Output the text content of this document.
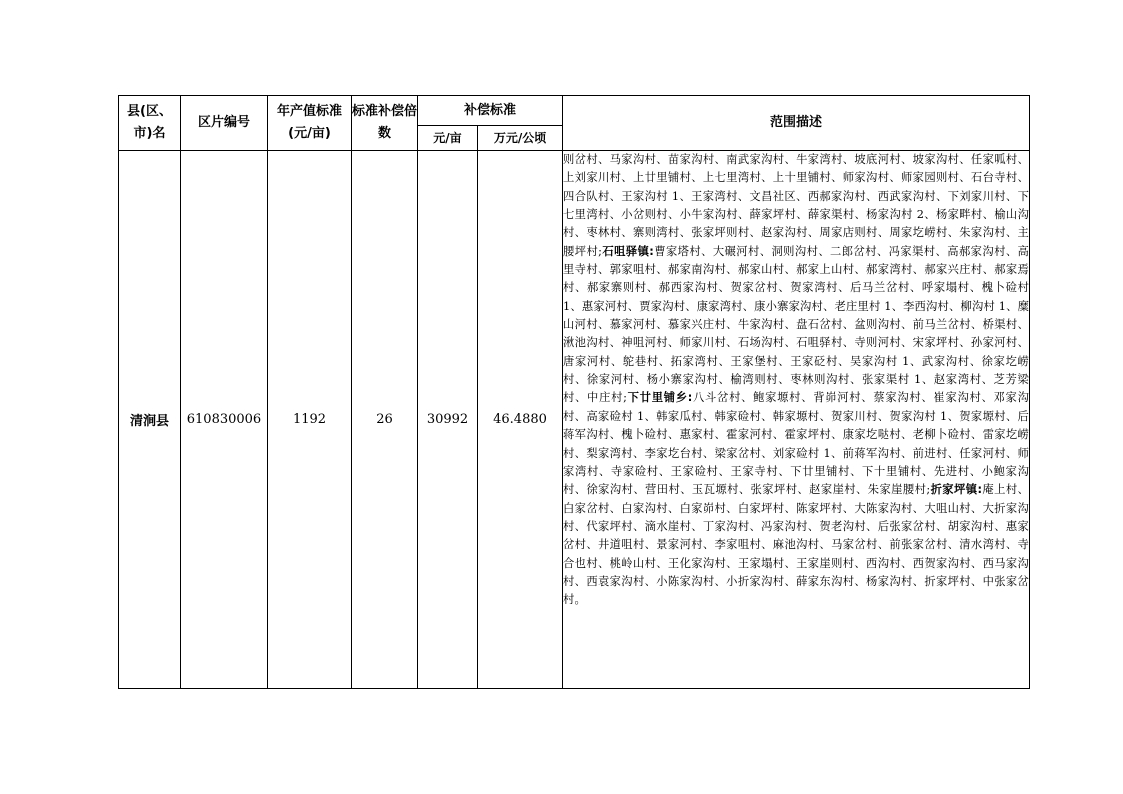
县(区、市)名	区片编号	年产值标准(元/亩)	标准补偿倍数	补偿标准		范围描述
				元/亩	万元/公顷	
清涧县	610830006	1192	26	30992	46.4880	则岔村、马家沟村、苗家沟村、南武家沟村、牛家湾村、坡底河村、坡家沟村、任家呱村、上刘家川村、上廿里铺村、上七里湾村、上十里铺村、师家沟村、师家园则村、石台寺村、四合队村、王家沟村 1、王家湾村、文昌社区、西郝家沟村、西武家沟村、下刘家川村、下七里湾村、小岔则村、小牛家沟村、薛家坪村、薛家渠村、杨家沟村 2、杨家畔村、榆山沟村、枣林村、寨则湾村、张家坪则村、赵家沟村、周家店则村、周家圪崂村、朱家沟村、主腰坪村;石咀驿镇:曹家塔村、大碾河村、洞则沟村、二郎岔村、冯家渠村、高郝家沟村、高里寺村、郭家咀村、郝家南沟村、郝家山村、郝家上山村、郝家湾村、郝家兴庄村、郝家焉村、郝家寨则村、郝西家沟村、贺家岔村、贺家湾村、后马兰岔村、呼家塌村、槐卜硷村 1、惠家河村、贾家沟村、康家湾村、康小寨家沟村、老庄里村 1、李西沟村、柳沟村 1、糜山河村、慕家河村、慕家兴庄村、牛家沟村、盘石岔村、盆则沟村、前马兰岔村、桥渠村、湫池沟村、神咀河村、师家川村、石场沟村、石咀驿村、寺则河村、宋家坪村、孙家河村、唐家河村、鸵巷村、拓家湾村、王家堡村、王家砭村、吴家沟村 1、武家沟村、徐家圪崂村、徐家河村、杨小寨家沟村、榆湾则村、枣林则沟村、张家渠村 1、赵家湾村、芝芳梁村、中庄村;下廿里铺乡:八斗岔村、鲍家塬村、背峁河村、蔡家沟村、崔家沟村、邓家沟村、高家硷村 1、韩家瓜村、韩家硷村、韩家塬村、贺家川村、贺家沟村 1、贺家塬村、后蒋军沟村、槐卜硷村、惠家村、霍家河村、霍家坪村、康家圪哒村、老柳卜硷村、雷家圪崂村、梨家湾村、李家圪台村、梁家岔村、刘家硷村 1、前蒋军沟村、前进村、任家河村、师家湾村、寺家硷村、王家硷村、王家寺村、下廿里铺村、下十里铺村、先进村、小鲍家沟村、徐家沟村、营田村、玉瓦塬村、张家坪村、赵家崖村、朱家崖腰村;折家坪镇:庵上村、白家岔村、白家沟村、白家峁村、白家坪村、陈家坪村、大陈家沟村、大咀山村、大折家沟村、代家坪村、滴水崖村、丁家沟村、冯家沟村、贺老沟村、后张家岔村、胡家沟村、惠家岔村、井道咀村、景家河村、李家咀村、麻池沟村、马家岔村、前张家岔村、清水湾村、寺合也村、桃岭山村、王化家沟村、王家塌村、王家崖则村、西沟村、西贺家沟村、西马家沟村、西袁家沟村、小陈家沟村、小折家沟村、薛家东沟村、杨家沟村、折家坪村、中张家岔村。
